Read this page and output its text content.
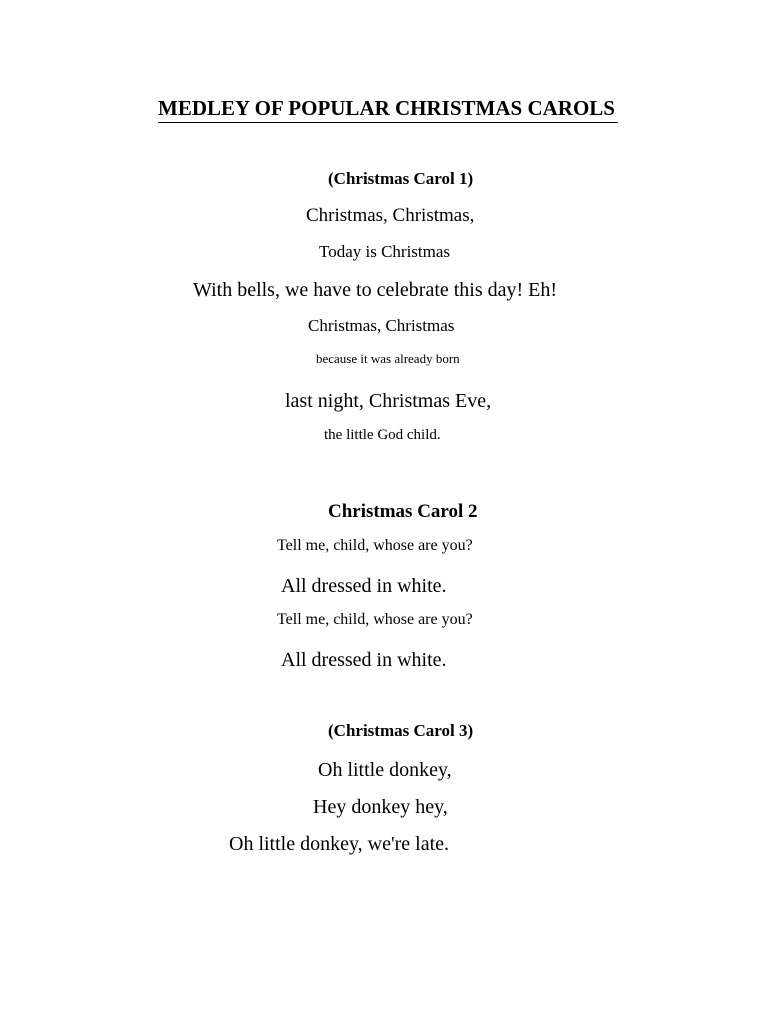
MEDLEY OF POPULAR CHRISTMAS CAROLS
(Christmas Carol 1)
Christmas, Christmas,
Today is Christmas
With bells, we have to celebrate this day! Eh!
Christmas, Christmas
because it was already born
last night, Christmas Eve,
the little God child.
Christmas Carol 2
Tell me, child, whose are you?
All dressed in white.
Tell me, child, whose are you?
All dressed in white.
(Christmas Carol 3)
Oh little donkey,
Hey donkey hey,
Oh little donkey, we're late.
